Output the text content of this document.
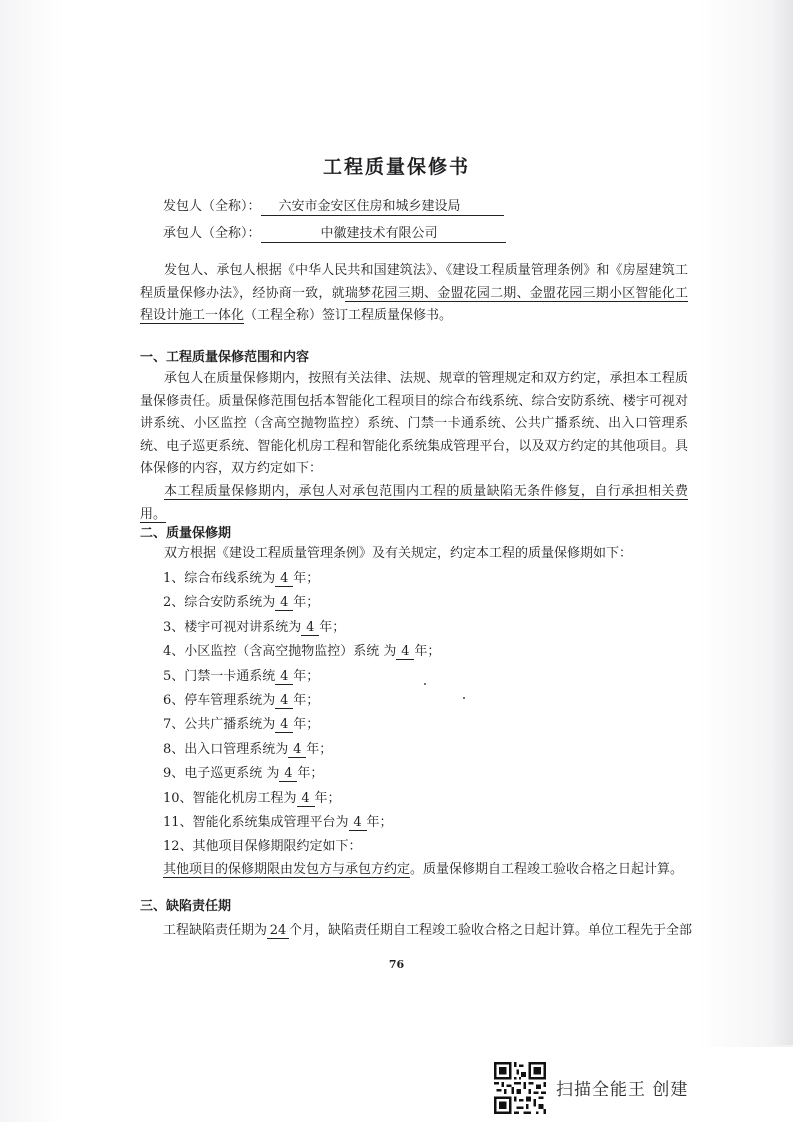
工程质量保修书
发包人（全称）： 六安市金安区住房和城乡建设局
承包人（全称）：	中徽建技术有限公司
发包人、承包人根据《中华人民共和国建筑法》、《建设工程质量管理条例》和《房屋建筑工程质量保修办法》，经协商一致，就瑞梦花园三期、金盟花园二期、金盟花园三期小区智能化工程设计施工一体化（工程全称）签订工程质量保修书。
一、工程质量保修范围和内容
承包人在质量保修期内，按照有关法律、法规、规章的管理规定和双方约定，承担本工程质量保修责任。质量保修范围包括本智能化工程项目的综合布线系统、综合安防系统、楼宇可视对讲系统、小区监控（含高空抛物监控）系统、门禁一卡通系统、公共广播系统、出入口管理系统、电子巡更系统、智能化机房工程和智能化系统集成管理平台，以及双方约定的其他项目。具体保修的内容，双方约定如下：
本工程质量保修期内，承包人对承包范围内工程的质量缺陷无条件修复，自行承担相关费用。
二、质量保修期
双方根据《建设工程质量管理条例》及有关规定，约定本工程的质量保修期如下：
1、综合布线系统为 4 年；
2、综合安防系统为 4 年；
3、楼宇可视对讲系统为 4 年；
4、小区监控（含高空抛物监控）系统 为 4 年；
5、门禁一卡通系统 4 年；
6、停车管理系统为 4 年；
7、公共广播系统为 4 年；
8、出入口管理系统为 4 年；
9、电子巡更系统 为 4 年；
10、智能化机房工程为 4 年；
11、智能化系统集成管理平台为 4 年；
12、其他项目保修期限约定如下：
其他项目的保修期限由发包方与承包方约定。质量保修期自工程竣工验收合格之日起计算。
三、缺陷责任期
工程缺陷责任期为 24 个月，缺陷责任期自工程竣工验收合格之日起计算。单位工程先于全部
76
扫描全能王 创建
